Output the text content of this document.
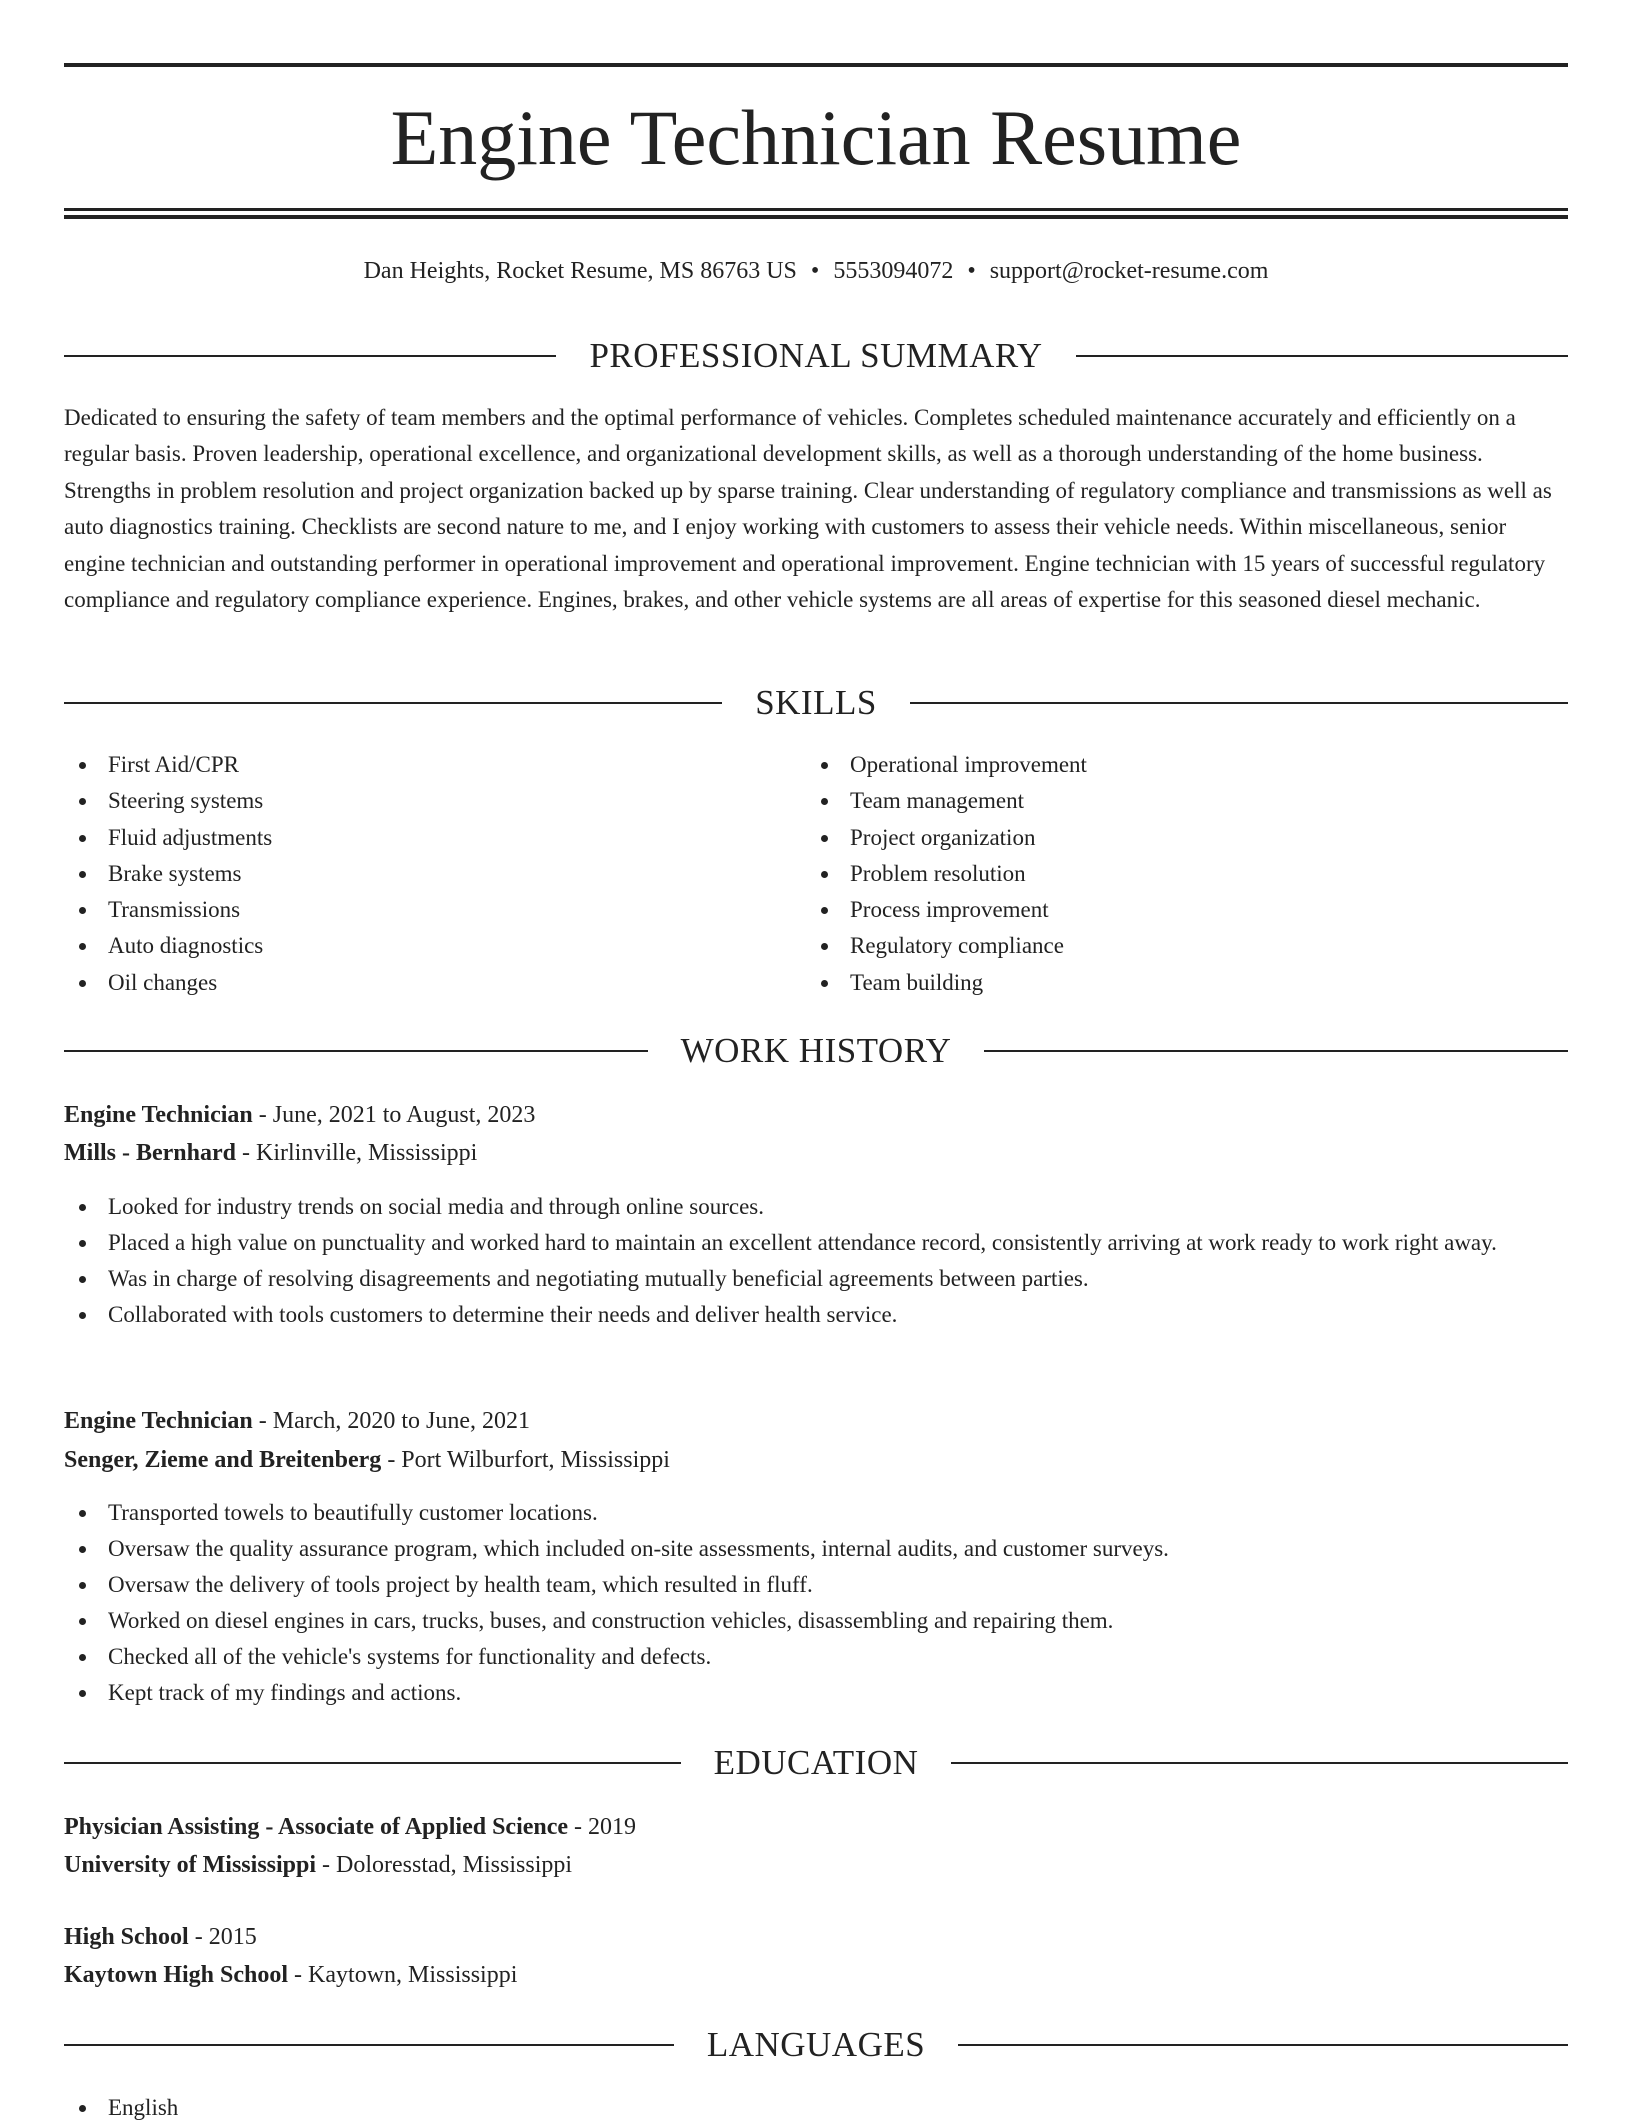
Engine Technician Resume
Dan Heights, Rocket Resume, MS 86763 US • 5553094072 • support@rocket-resume.com
PROFESSIONAL SUMMARY

Dedicated to ensuring the safety of team members and the optimal performance of vehicles. Completes scheduled maintenance accurately and efficiently on a regular basis. Proven leadership, operational excellence, and organizational development skills, as well as a thorough understanding of the home business. Strengths in problem resolution and project organization backed up by sparse training. Clear understanding of regulatory compliance and transmissions as well as auto diagnostics training. Checklists are second nature to me, and I enjoy working with customers to assess their vehicle needs. Within miscellaneous, senior engine technician and outstanding performer in operational improvement and operational improvement. Engine technician with 15 years of successful regulatory compliance and regulatory compliance experience. Engines, brakes, and other vehicle systems are all areas of expertise for this seasoned diesel mechanic.

SKILLS
First Aid/CPR
Steering systems
Fluid adjustments
Brake systems
Transmissions
Auto diagnostics
Oil changes
Operational improvement
Team management
Project organization
Problem resolution
Process improvement
Regulatory compliance
Team building
WORK HISTORY
Engine Technician - June, 2021 to August, 2023
Mills - Bernhard - Kirlinville, Mississippi
Looked for industry trends on social media and through online sources.
Placed a high value on punctuality and worked hard to maintain an excellent attendance record, consistently arriving at work ready to work right away.
Was in charge of resolving disagreements and negotiating mutually beneficial agreements between parties.
Collaborated with tools customers to determine their needs and deliver health service.
Engine Technician - March, 2020 to June, 2021
Senger, Zieme and Breitenberg - Port Wilburfort, Mississippi
Transported towels to beautifully customer locations.
Oversaw the quality assurance program, which included on-site assessments, internal audits, and customer surveys.
Oversaw the delivery of tools project by health team, which resulted in fluff.
Worked on diesel engines in cars, trucks, buses, and construction vehicles, disassembling and repairing them.
Checked all of the vehicle's systems for functionality and defects.
Kept track of my findings and actions.
EDUCATION
Physician Assisting - Associate of Applied Science - 2019
University of Mississippi - Doloresstad, Mississippi
High School - 2015
Kaytown High School - Kaytown, Mississippi
LANGUAGES
English
